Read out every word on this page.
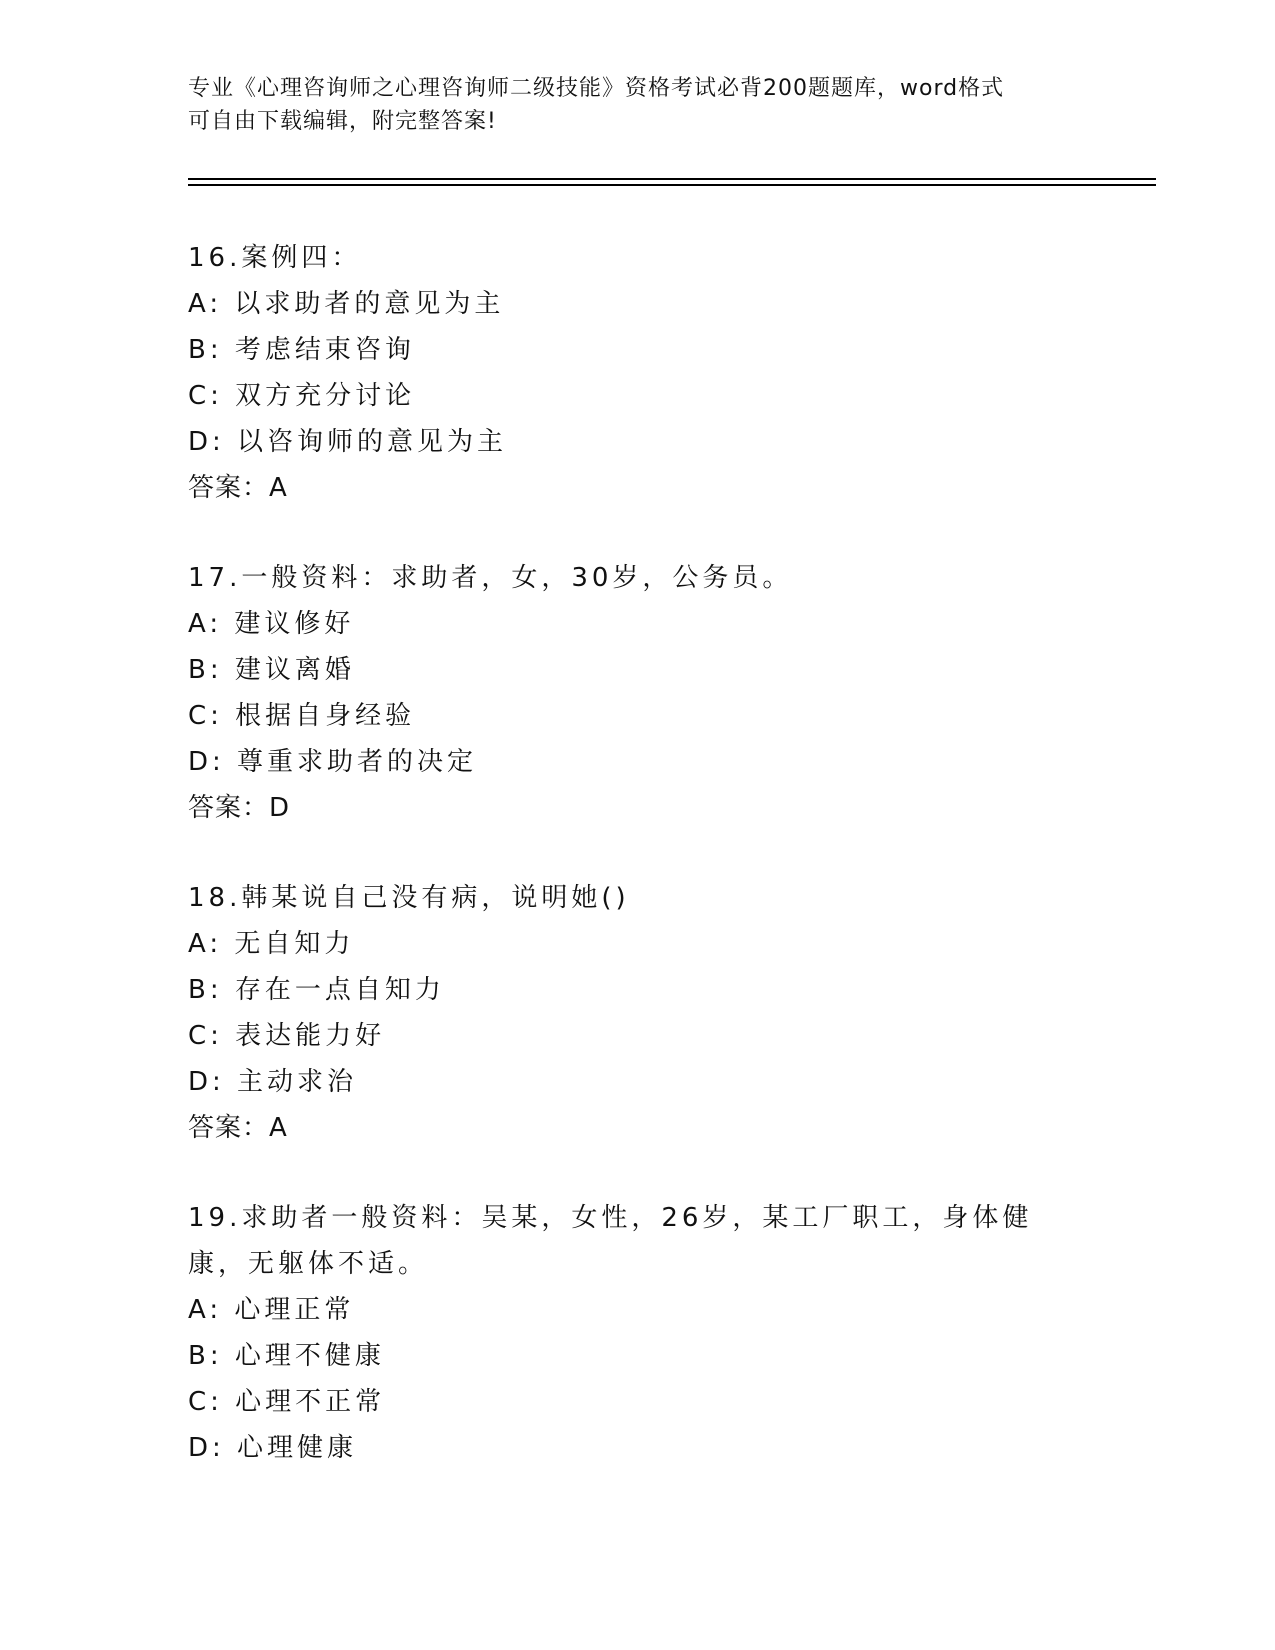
专业《心理咨询师之心理咨询师二级技能》资格考试必背200题题库，word格式
可自由下载编辑，附完整答案!
16.案例四：
A: 以求助者的意见为主
B: 考虑结束咨询
C: 双方充分讨论
D: 以咨询师的意见为主
答案：A
17.一般资料：求助者，女，30岁，公务员。
A: 建议修好
B: 建议离婚
C: 根据自身经验
D: 尊重求助者的决定
答案：D
18.韩某说自己没有病，说明她()
A: 无自知力
B: 存在一点自知力
C: 表达能力好
D: 主动求治
答案：A
19.求助者一般资料：吴某，女性，26岁，某工厂职工，身体健康，无躯体不适。
A: 心理正常
B: 心理不健康
C: 心理不正常
D: 心理健康
